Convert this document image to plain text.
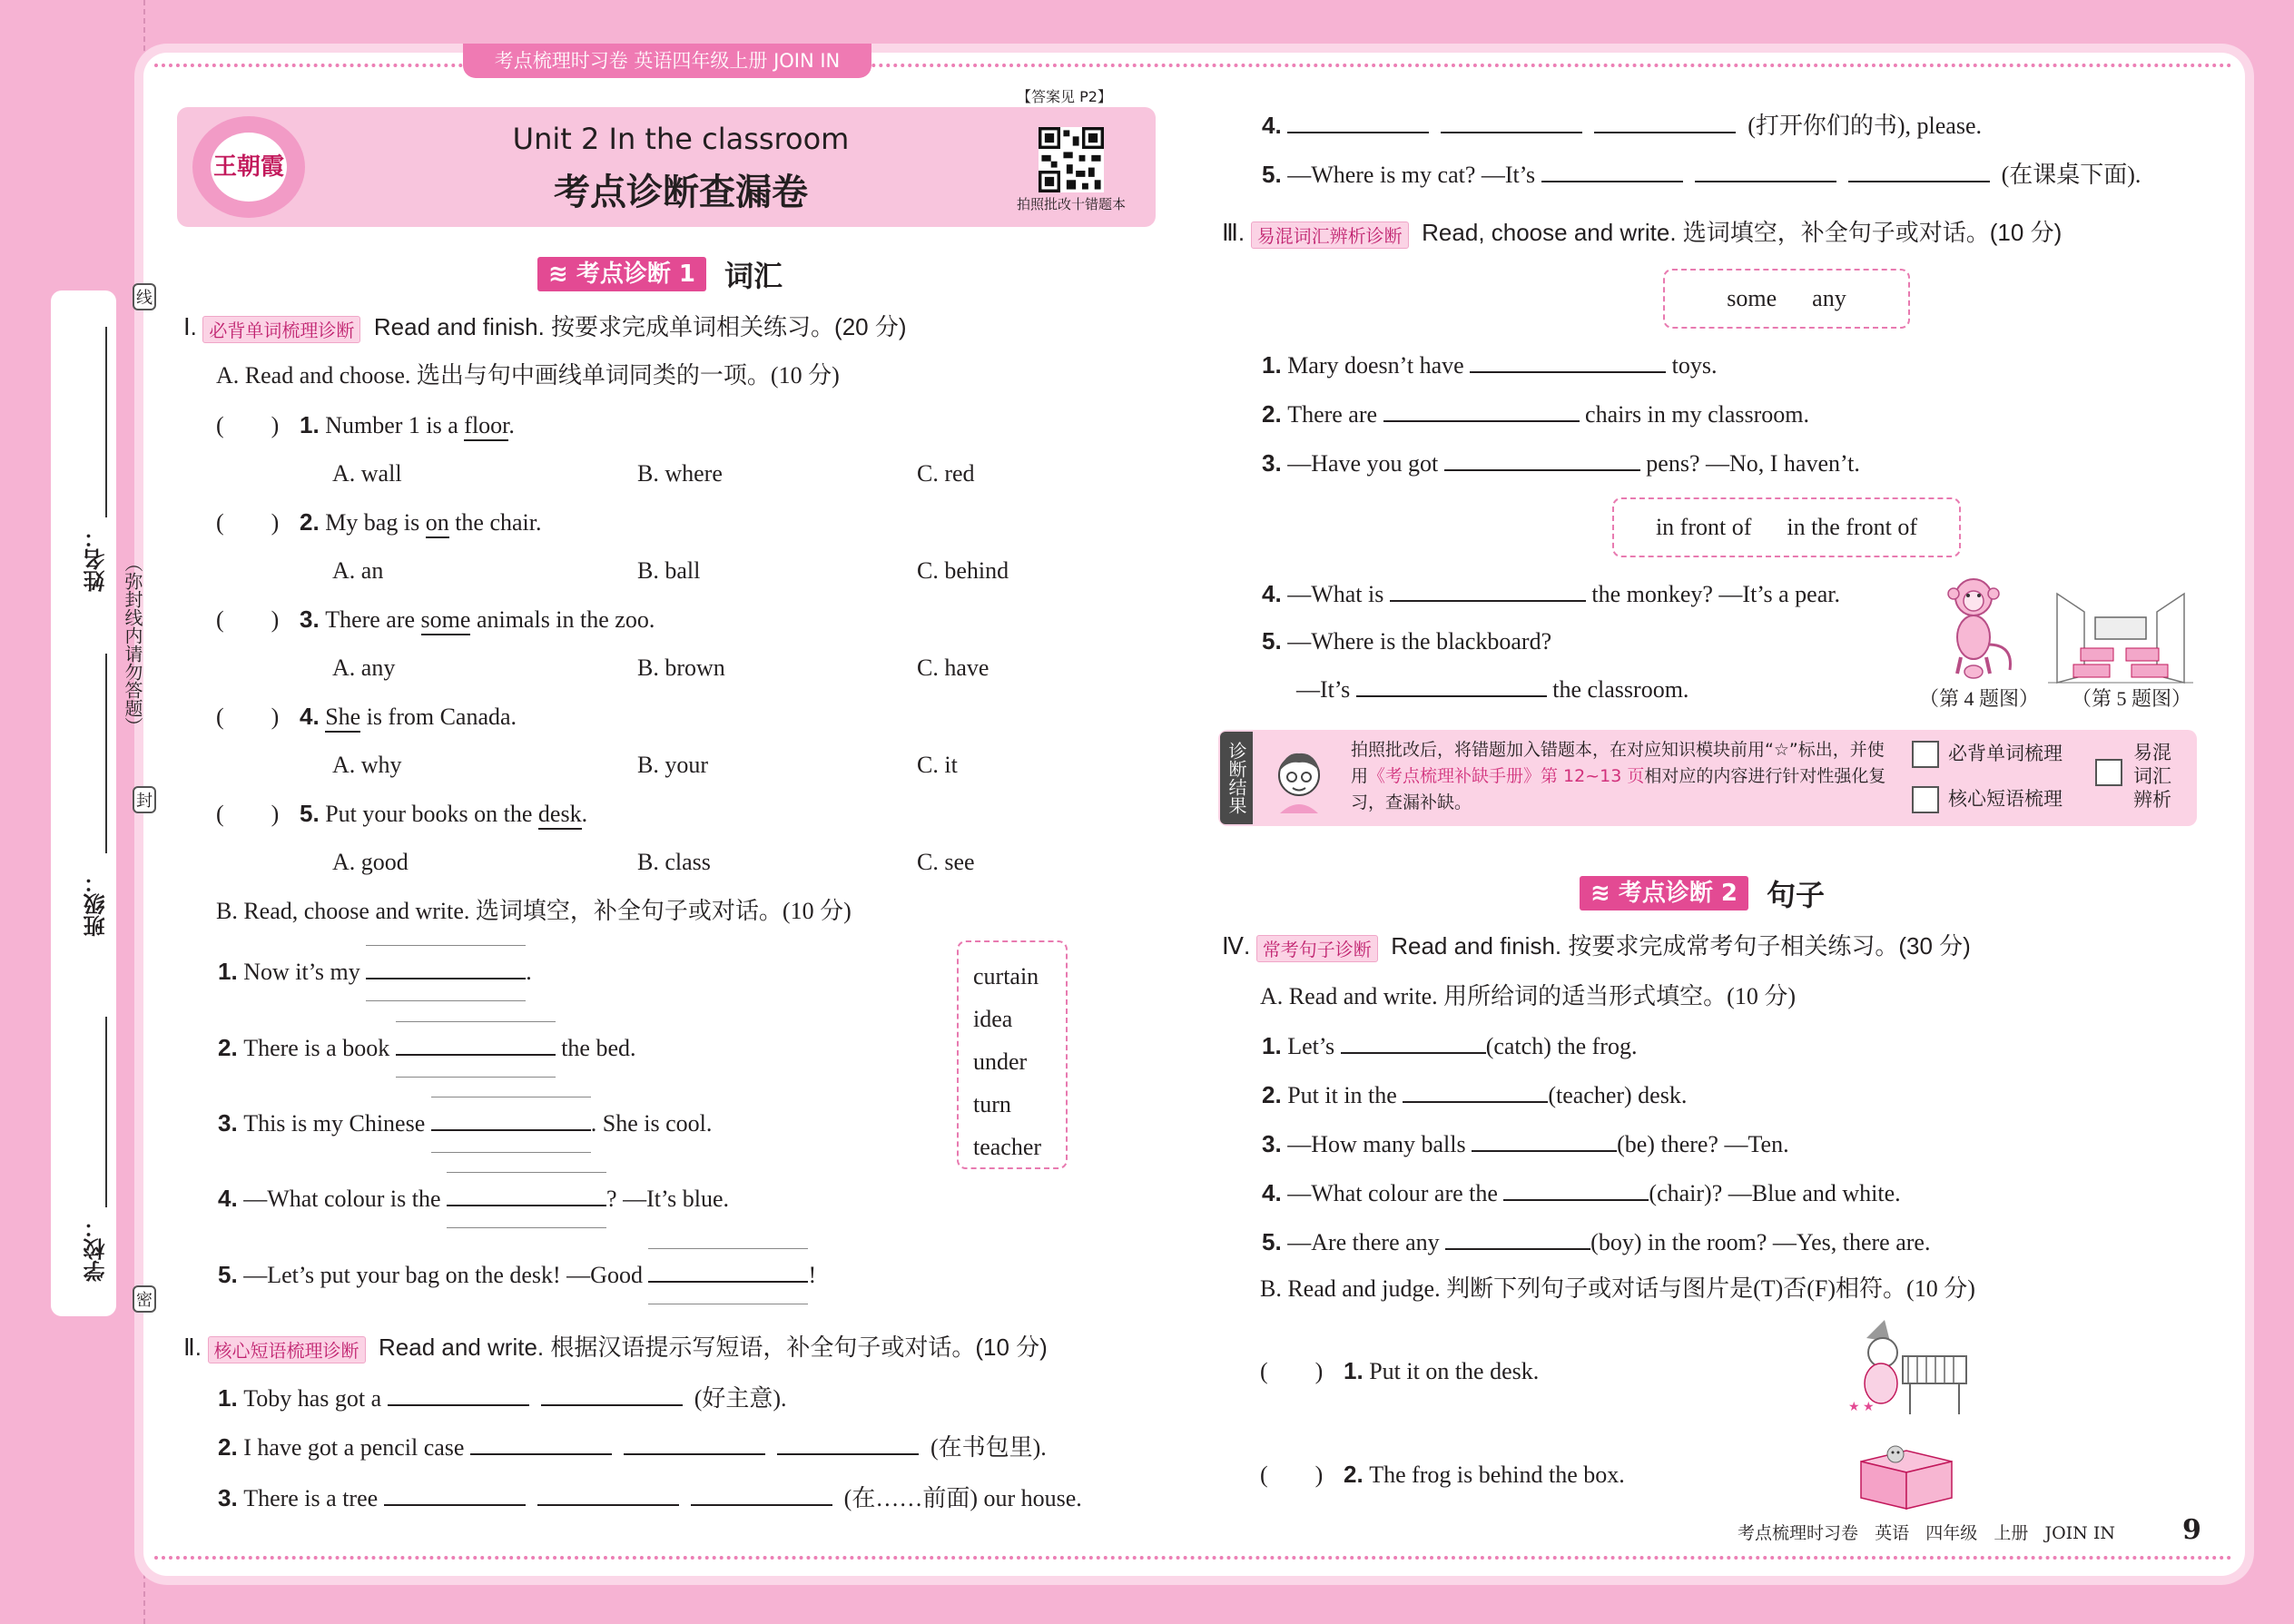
姓名：
班级：
学校：
（弥封线内请勿答题）
线
封
密
考点梳理时习卷 英语四年级上册 JOIN IN
王朝霞
Unit 2 In the classroom
考点诊断查漏卷
【答案见 P2】
拍照批改十错题本
≋ 考点诊断 1	词汇
Ⅰ. 必背单词梳理诊断 Read and finish. 按要求完成单词相关练习。(20 分)
A. Read and choose. 选出与句中画线单词同类的一项。(10 分)
(        ) 1. Number 1 is a floor.
A. wall	B. where	C. red
(        ) 2. My bag is on the chair.
A. an	B. ball	C. behind
(        ) 3. There are some animals in the zoo.
A. any	B. brown	C. have
(        ) 4. She is from Canada.
A. why	B. your	C. it
(        ) 5. Put your books on the desk.
A. good	B. class	C. see
B. Read, choose and write. 选词填空，补全句子或对话。(10 分)
1. Now it’s my	.
2. There is a book	the bed.
3. This is my Chinese	. She is cool.
4. —What colour is the	? —It’s blue.
5. —Let’s put your bag on the desk! —Good	!
curtain
idea
under
turn
teacher
Ⅱ. 核心短语梳理诊断 Read and write. 根据汉语提示写短语，补全句子或对话。(10 分)
1. Toby has got a	(好主意).
2. I have got a pencil case	(在书包里).
3. There is a tree	(在……前面) our house.
4.	(打开你们的书), please.
5. —Where is my cat? —It’s	(在课桌下面).
Ⅲ. 易混词汇辨析诊断 Read, choose and write. 选词填空，补全句子或对话。(10 分)
some      any
1. Mary doesn’t have	toys.
2. There are	chairs in my classroom.
3. —Have you got	pens? —No, I haven’t.
in front of      in the front of
4. —What is	the monkey? —It’s a pear.
5. —Where is the blackboard?
—It’s	the classroom.	（第 4 题图） （第 5 题图）
诊断结果	拍照批改后，将错题加入错题本，在对应知识模块前用“☆”标出，并使用《考点梳理补缺手册》第 12~13 页相对应的内容进行针对性强化复习，查漏补缺。
必背单词梳理
核心短语梳理
易混词汇辨析
≋ 考点诊断 2	句子
Ⅳ. 常考句子诊断 Read and finish. 按要求完成常考句子相关练习。(30 分)
A. Read and write. 用所给词的适当形式填空。(10 分)
1. Let’s	(catch) the frog.
2. Put it in the	(teacher) desk.
3. —How many balls	(be) there? —Ten.
4. —What colour are the	(chair)? —Blue and white.
5. —Are there any	(boy) in the room? —Yes, there are.
B. Read and judge. 判断下列句子或对话与图片是(T)否(F)相符。(10 分)
(        ) 1. Put it on the desk.
(        ) 2. The frog is behind the box.
★ ★
考点梳理时习卷   英语   四年级   上册   JOIN IN 9
